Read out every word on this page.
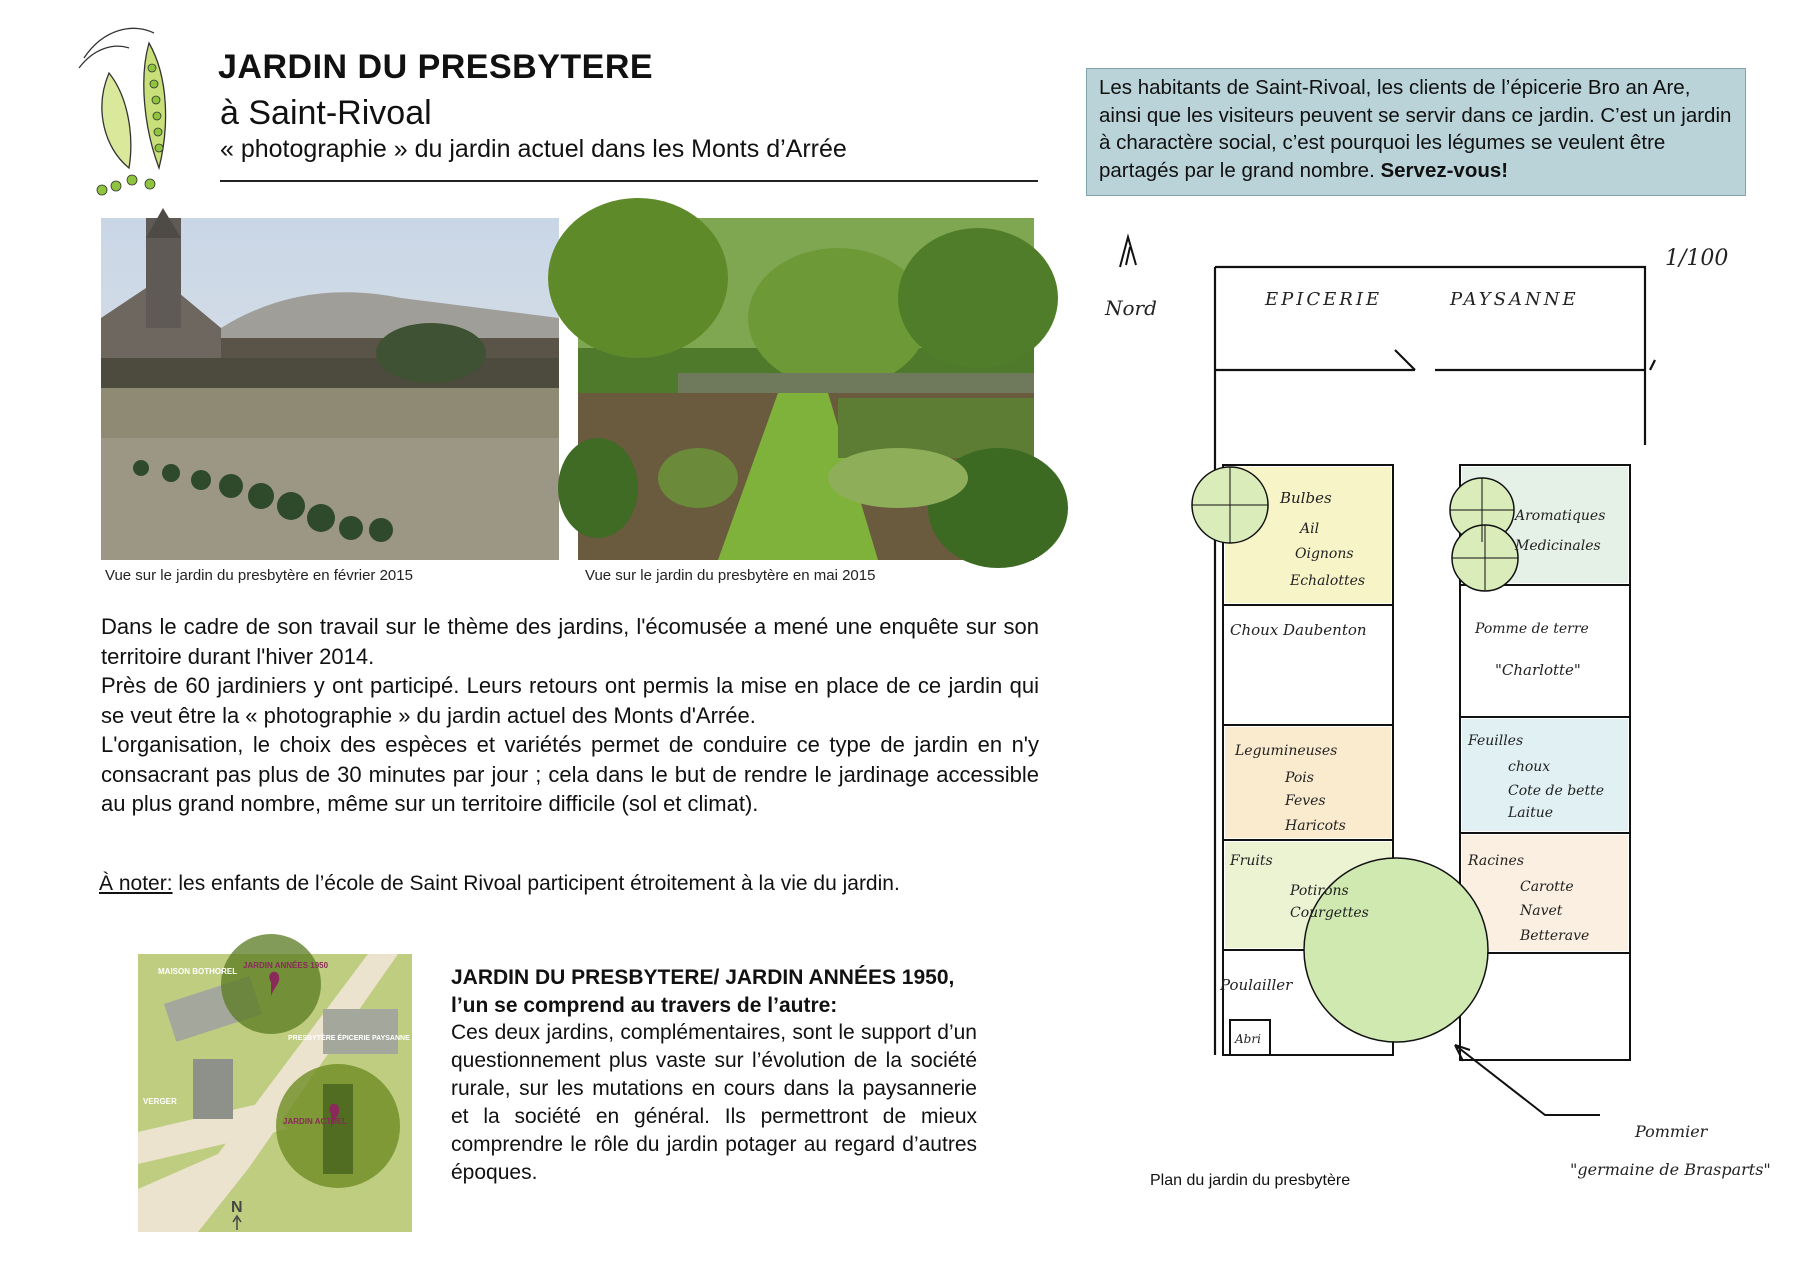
JARDIN DU PRESBYTERE
à Saint-Rivoal
« photographie » du jardin actuel dans les Monts d’Arrée
Vue sur le jardin du presbytère en février 2015	Vue sur le jardin du presbytère en mai 2015

Dans le cadre de son travail sur le thème des jardins, l'écomusée a mené une enquête sur son territoire durant l'hiver 2014.

Près de 60 jardiniers y ont participé. Leurs retours ont permis la mise en place de ce jardin qui se veut être la « photographie » du jardin actuel des Monts d'Arrée.

L'organisation, le choix des espèces et variétés permet de conduire ce type de jardin en n'y consacrant pas plus de 30 minutes par jour ; cela dans le but de rendre le jardinage accessible au plus grand nombre, même sur un territoire difficile (sol et climat).

À noter: les enfants de l’école de Saint Rivoal participent étroitement à la vie du jardin.
Les habitants de Saint-Rivoal, les clients de l’épicerie Bro an Are, ainsi que les visiteurs peuvent se servir dans ce jardin. C’est un jardin à charactère social, c’est pourquoi les légumes se veulent être partagés par le grand nombre. Servez-vous!
MAISON BOTHOREL
JARDIN ANNÉES 1950
PRESBYTÈRE ÉPICERIE PAYSANNE ACCUEIL DE L’ÉCOMUSÉE
VERGER
JARDIN ACTUEL
N
JARDIN DU PRESBYTERE/ JARDIN ANNÉES 1950,
l’un se comprend au travers de l’autre:
Ces deux jardins, complémentaires, sont le support d’un questionnement plus vaste sur l’évolution de la société rurale, sur les mutations en cours dans la paysannerie et la société en général. Ils permettront de mieux comprendre le rôle du jardin potager au regard d’autres époques.
Nord
1/100
EPICERIE	PAYSANNE
Bulbes
Ail
Oignons
Echalottes
Choux Daubenton
Legumineuses
Pois
Feves
Haricots
Fruits
Potirons
Courgettes
Poulailler
Abri
Aromatiques
Medicinales
Pomme de terre
"Charlotte"
Feuilles
choux
Cote de bette
Laitue
Racines
Carotte
Navet
Betterave
Pommier
"germaine de Brasparts"
Plan du jardin du presbytère
